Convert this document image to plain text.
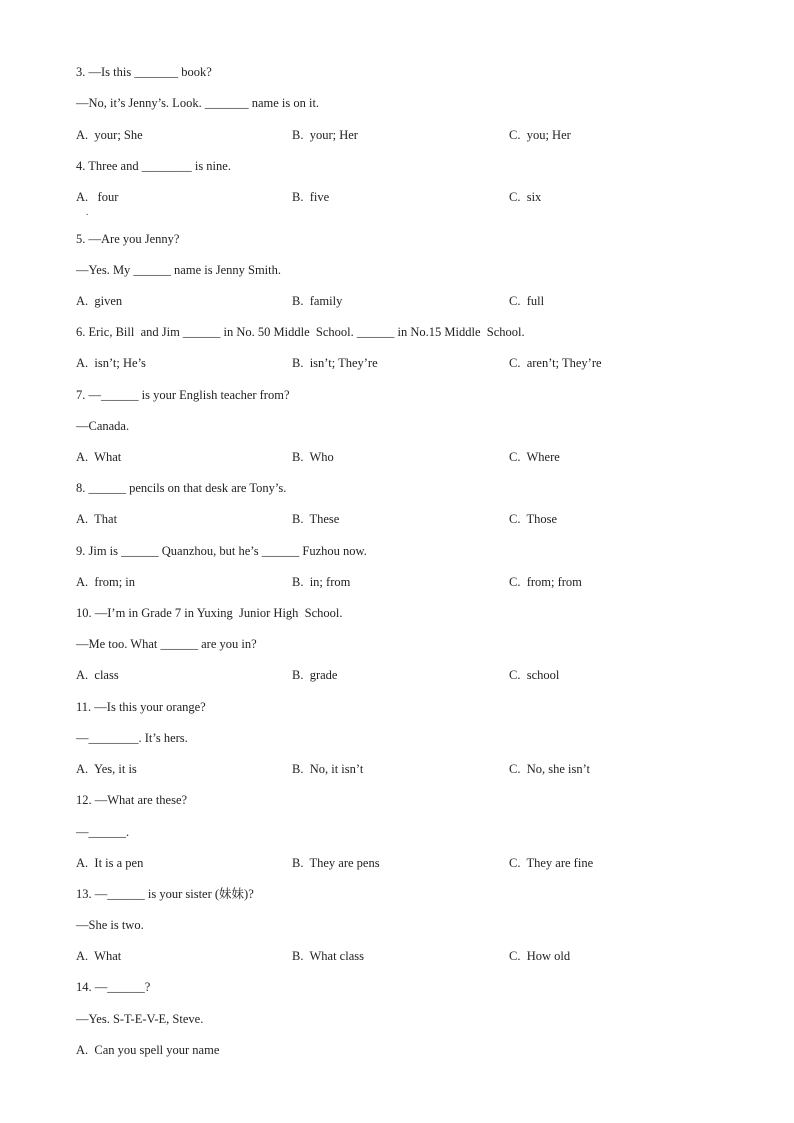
3. —Is this _______ book?
—No, it’s Jenny’s. Look. _______ name is on it.
A.  your; She	B.  your; Her	C.  you; Her
4. Three and ________ is nine.
A.   four	B.  five	C.  six
.
5. —Are you Jenny?
—Yes. My ______ name is Jenny Smith.
A.  given	B.  family	C.  full
6. Eric, Bill  and Jim ______ in No. 50 Middle  School. ______ in No.15 Middle  School.
A.  isn’t; He’s	B.  isn’t; They’re	C.  aren’t; They’re
7. —______ is your English teacher from?
—Canada.
A.  What	B.  Who	C.  Where
8. ______ pencils on that desk are Tony’s.
A.  That	B.  These	C.  Those
9. Jim is ______ Quanzhou, but he’s ______ Fuzhou now.
A.  from; in	B.  in; from	C.  from; from
10. —I’m in Grade 7 in Yuxing  Junior High  School.
—Me too. What ______ are you in?
A.  class	B.  grade	C.  school
11. —Is this your orange?
—________. It’s hers.
A.  Yes, it is	B.  No, it isn’t	C.  No, she isn’t
12. —What are these?
—______.
A.  It is a pen	B.  They are pens	C.  They are fine
13. —______ is your sister (妹妹)?
—She is two.
A.  What	B.  What class	C.  How old
14. —______?
—Yes. S-T-E-V-E, Steve.
A.  Can you spell your name
